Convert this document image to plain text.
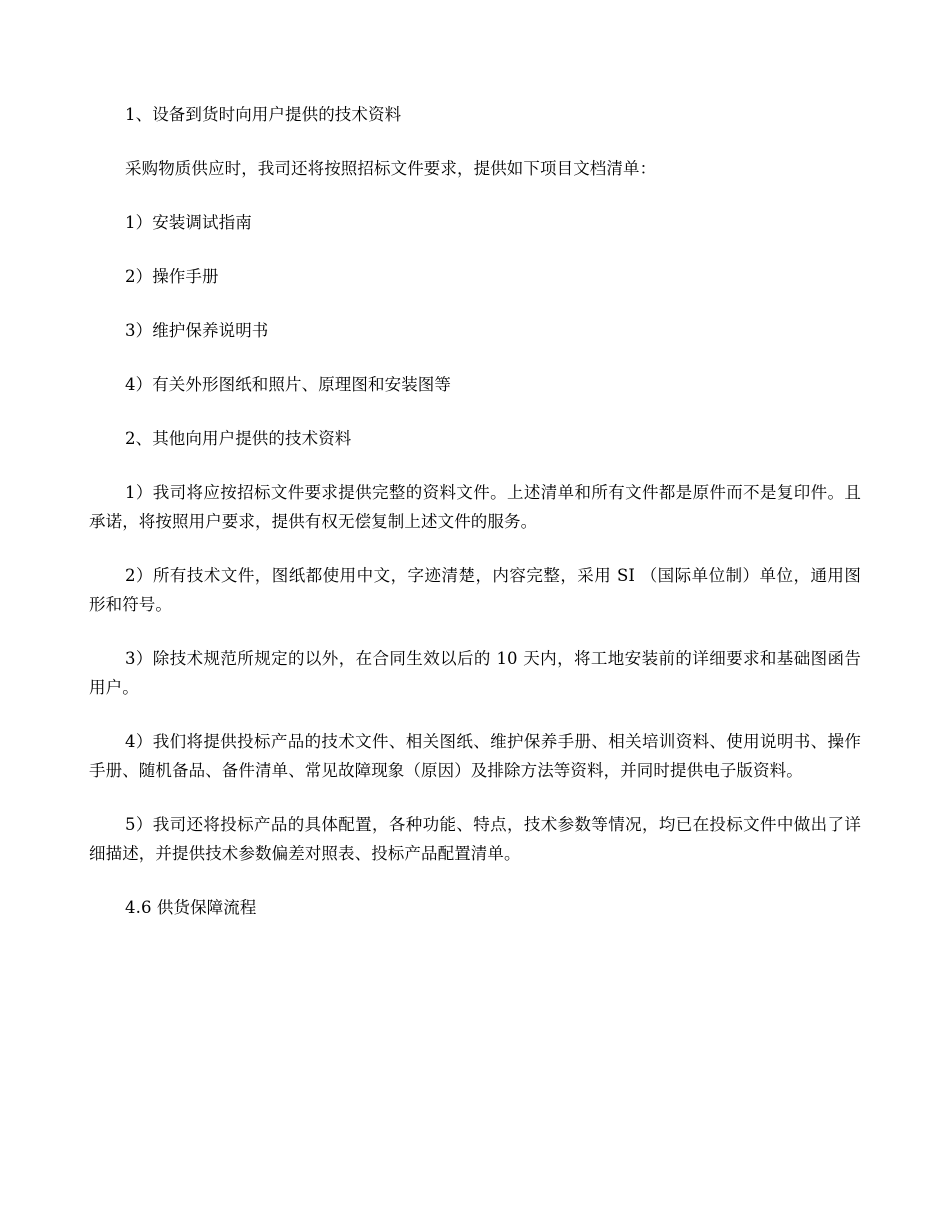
1、设备到货时向用户提供的技术资料

采购物质供应时，我司还将按照招标文件要求，提供如下项目文档清单：

1）安装调试指南

2）操作手册

3）维护保养说明书

4）有关外形图纸和照片、原理图和安装图等

2、其他向用户提供的技术资料

1）我司将应按招标文件要求提供完整的资料文件。上述清单和所有文件都是原件而不是复印件。且承诺，将按照用户要求，提供有权无偿复制上述文件的服务。

2）所有技术文件，图纸都使用中文，字迹清楚，内容完整，采用 SI （国际单位制）单位，通用图形和符号。

3）除技术规范所规定的以外，在合同生效以后的 10 天内，将工地安装前的详细要求和基础图函告用户。

4）我们将提供投标产品的技术文件、相关图纸、维护保养手册、相关培训资料、使用说明书、操作手册、随机备品、备件清单、常见故障现象（原因）及排除方法等资料，并同时提供电子版资料。

5）我司还将投标产品的具体配置，各种功能、特点，技术参数等情况，均已在投标文件中做出了详细描述，并提供技术参数偏差对照表、投标产品配置清单。

4.6 供货保障流程
